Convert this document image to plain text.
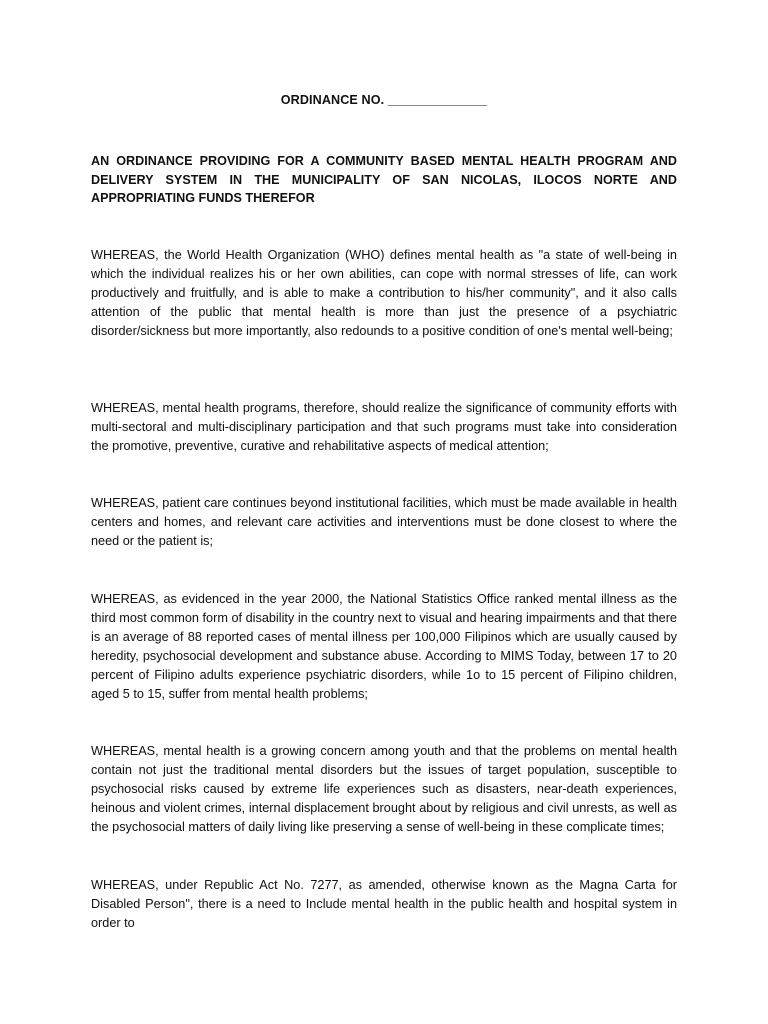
ORDINANCE NO. ______________
AN ORDINANCE PROVIDING FOR A COMMUNITY BASED MENTAL HEALTH PROGRAM AND DELIVERY SYSTEM IN THE MUNICIPALITY OF SAN NICOLAS, ILOCOS NORTE AND APPROPRIATING FUNDS THEREFOR

WHEREAS, the World Health Organization (WHO) defines mental health as "a state of well-being in which the individual realizes his or her own abilities, can cope with normal stresses of life, can work productively and fruitfully, and is able to make a contribution to his/her community", and it also calls attention of the public that mental health is more than just the presence of a psychiatric disorder/sickness but more importantly, also redounds to a positive condition of one's mental well-being;

WHEREAS, mental health programs, therefore, should realize the significance of community efforts with multi-sectoral and multi-disciplinary participation and that such programs must take into consideration the promotive, preventive, curative and rehabilitative aspects of medical attention;

WHEREAS, patient care continues beyond institutional facilities, which must be made available in health centers and homes, and relevant care activities and interventions must be done closest to where the need or the patient is;

WHEREAS, as evidenced in the year 2000, the National Statistics Office ranked mental illness as the third most common form of disability in the country next to visual and hearing impairments and that there is an average of 88 reported cases of mental illness per 100,000 Filipinos which are usually caused by heredity, psychosocial development and substance abuse. According to MIMS Today, between 17 to 20 percent of Filipino adults experience psychiatric disorders, while 1o to 15 percent of Filipino children, aged 5 to 15, suffer from mental health problems;

WHEREAS, mental health is a growing concern among youth and that the problems on mental health contain not just the traditional mental disorders but the issues of target population, susceptible to psychosocial risks caused by extreme life experiences such as disasters, near-death experiences, heinous and violent crimes, internal displacement brought about by religious and civil unrests, as well as the psychosocial matters of daily living like preserving a sense of well-being in these complicate times;

WHEREAS, under Republic Act No. 7277, as amended, otherwise known as the Magna Carta for Disabled Person", there is a need to Include mental health in the public health and hospital system in order to
